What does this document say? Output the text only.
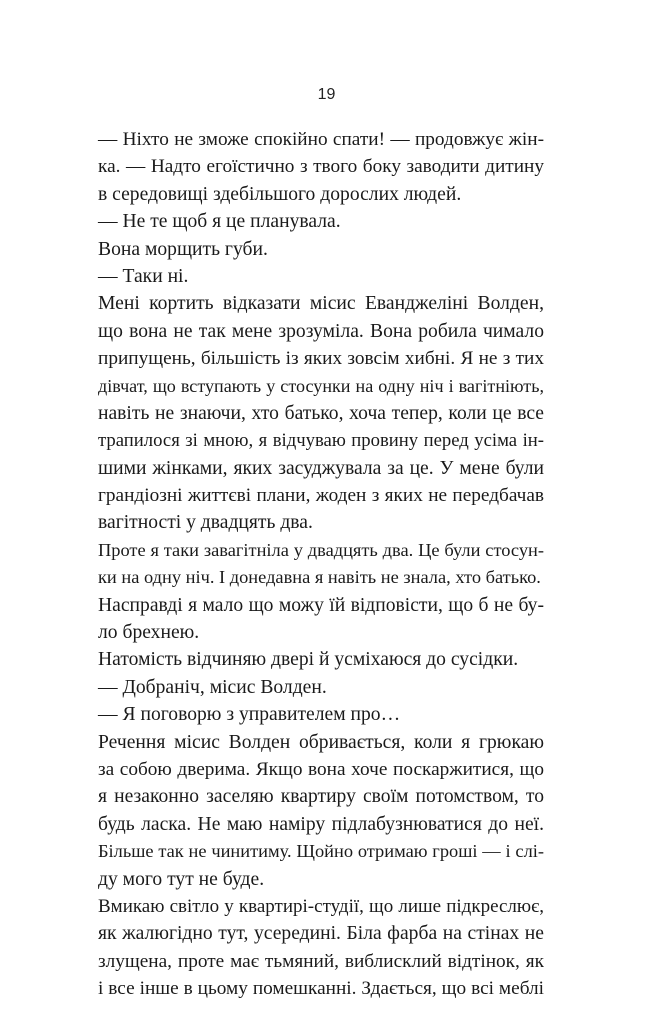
19
— Ніхто не зможе спокійно спати! — продовжує жін-
ка. — Надто егоїстично з твого боку заводити дитину
в середовищі здебільшого дорослих людей.
— Не те щоб я це планувала.
Вона морщить губи.
— Таки ні.
Мені кортить відказати місис Еванджеліні Волден,
що вона не так мене зрозуміла. Вона робила чимало
припущень, більшість із яких зовсім хибні. Я не з тих
дівчат, що вступають у стосунки на одну ніч і вагітніють,
навіть не знаючи, хто батько, хоча тепер, коли це все
трапилося зі мною, я відчуваю провину перед усіма ін-
шими жінками, яких засуджувала за це. У мене були
грандіозні життєві плани, жоден з яких не передбачав
вагітності у двадцять два.
Проте я таки завагітніла у двадцять два. Це були стосун-
ки на одну ніч. І донедавна я навіть не знала, хто батько.
Насправді я мало що можу їй відповісти, що б не бу-
ло брехнею.
Натомість відчиняю двері й усміхаюся до сусідки.
— Добраніч, місис Волден.
— Я поговорю з управителем про…
Речення місис Волден обривається, коли я грюкаю
за собою дверима. Якщо вона хоче поскаржитися, що
я незаконно заселяю квартиру своїм потомством, то
будь ласка. Не маю наміру підлабузнюватися до неї.
Більше так не чинитиму. Щойно отримаю гроші — і слі-
ду мого тут не буде.
Вмикаю світло у квартирі-студії, що лише підкреслює,
як жалюгідно тут, усередині. Біла фарба на стінах не
злущена, проте має тьмяний, виблисклий відтінок, як
і все інше в цьому помешканні. Здається, що всі меблі
